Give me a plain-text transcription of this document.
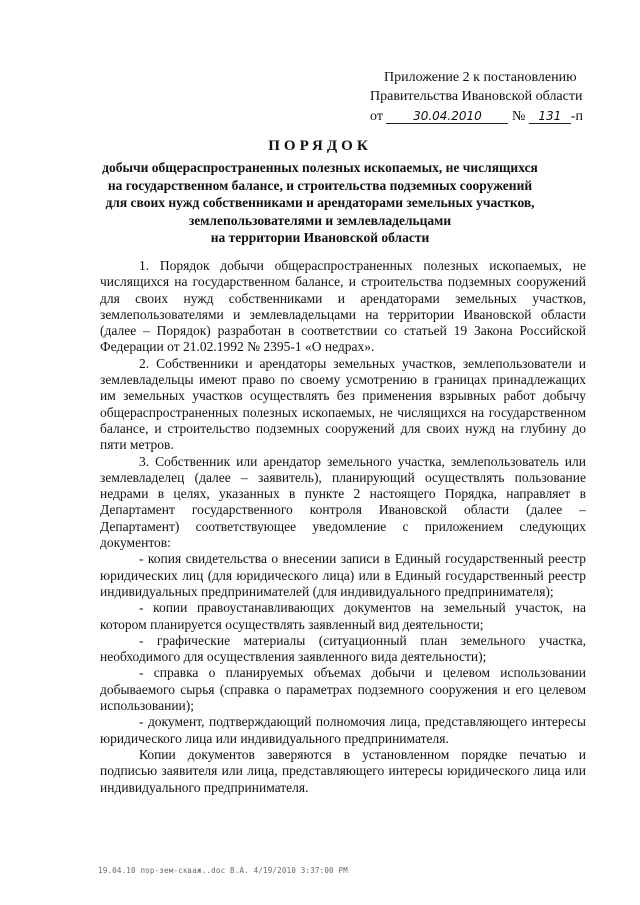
Приложение 2 к постановлению
Правительства Ивановской области
от	30.04.2010 № 131 -п
ПОРЯДОК
добычи общераспространенных полезных ископаемых, не числящихся
на государственном балансе, и строительства подземных сооружений
для своих нужд собственниками и арендаторами земельных участков,
землепользователями и землевладельцами
на территории Ивановской области

1. Порядок добычи общераспространенных полезных ископаемых, не числящихся на государственном балансе, и строительства подземных сооружений для своих нужд собственниками и арендаторами земельных участков, землепользователями и землевладельцами на территории Ивановской области (далее – Порядок) разработан в соответствии со статьей 19 Закона Российской Федерации от 21.02.1992 № 2395-1 «О недрах».

2. Собственники и арендаторы земельных участков, землепользователи и землевладельцы имеют право по своему усмотрению в границах принадлежащих им земельных участков осуществлять без применения взрывных работ добычу общераспространенных полезных ископаемых, не числящихся на государственном балансе, и строительство подземных сооружений для своих нужд на глубину до пяти метров.

3. Собственник или арендатор земельного участка, землепользователь или землевладелец (далее – заявитель), планирующий осуществлять пользование недрами в целях, указанных в пункте 2 настоящего Порядка, направляет в Департамент государственного контроля Ивановской области (далее – Департамент) соответствующее уведомление с приложением следующих документов:

- копия свидетельства о внесении записи в Единый государственный реестр юридических лиц (для юридического лица) или в Единый государственный реестр индивидуальных предпринимателей (для индивидуального предпринимателя);

- копии правоустанавливающих документов на земельный участок, на котором планируется осуществлять заявленный вид деятельности;

- графические материалы (ситуационный план земельного участка, необходимого для осуществления заявленного вида деятельности);

- справка о планируемых объемах добычи и целевом использовании добываемого сырья (справка о параметрах подземного сооружения и его целевом использовании);

- документ, подтверждающий полномочия лица, представляющего интересы юридического лица или индивидуального предпринимателя.

Копии документов заверяются в установленном порядке печатью и подписью заявителя или лица, представляющего интересы юридического лица или индивидуального предпринимателя.

19.04.10 пор-зем-скваж..doc В.А. 4/19/2010 3:37:00 PM
